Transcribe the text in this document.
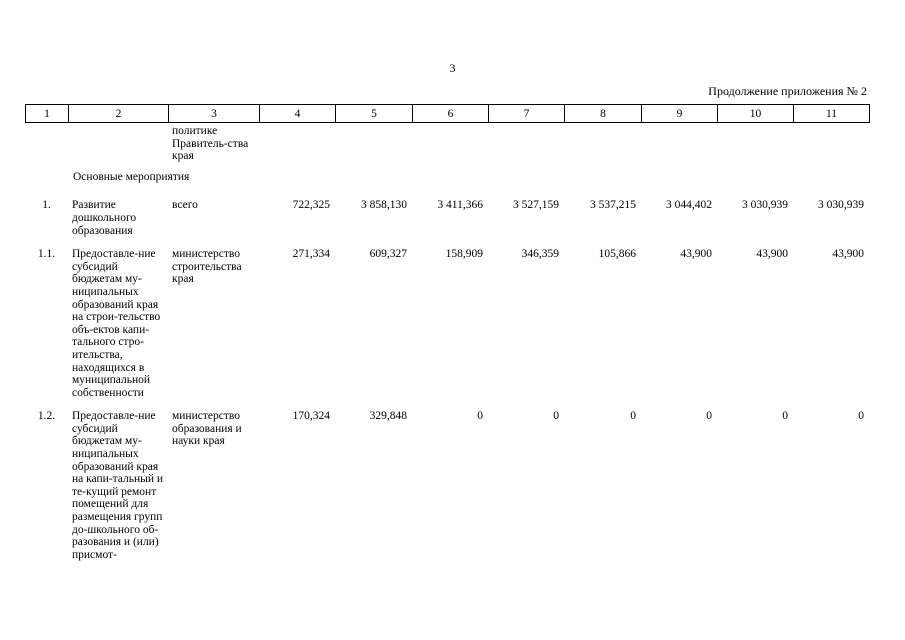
3
Продолжение приложения № 2
1	2	3	4	5	6	7	8	9	10	11
		политике Правитель-ства края								
Основные мероприятия										
1.	Развитие дошкольного образования	всего	722,325	3 858,130	3 411,366	3 527,159	3 537,215	3 044,402	3 030,939	3 030,939
1.1.	Предоставле-ние субсидий бюджетам му-ниципальных образований края на строи-тельство объ-ектов капи-тального стро-ительства, находящихся в муниципальной собственности	министерство строительства края	271,334	609,327	158,909	346,359	105,866	43,900	43,900	43,900
1.2.	Предоставле-ние субсидий бюджетам му-ниципальных образований края на капи-тальный и те-кущий ремонт помещений для размещения групп до-школьного об-разования и (или) присмот-	министерство образования и науки края	170,324	329,848	0	0	0	0	0	0
